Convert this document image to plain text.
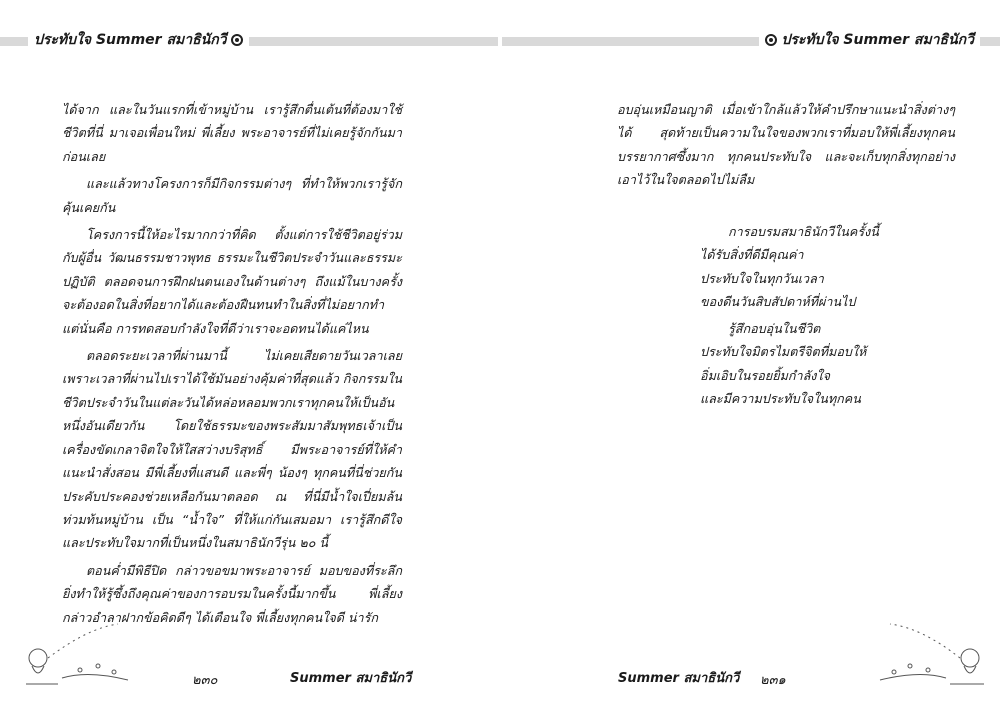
ประทับใจ Summer สมาธินักวี	ประทับใจ Summer สมาธินักวี

ได้จาก และในวันแรกที่เข้าหมู่บ้าน เรารู้สึกตื่นเต้นที่ต้องมาใช้ชีวิตที่นี่ มาเจอเพื่อนใหม่ พี่เลี้ยง พระอาจารย์ที่ไม่เคยรู้จักกันมาก่อนเลย

และแล้วทางโครงการก็มีกิจกรรมต่างๆ ที่ทำให้พวกเรารู้จักคุ้นเคยกัน

โครงการนี้ให้อะไรมากกว่าที่คิด ตั้งแต่การใช้ชีวิตอยู่ร่วมกับผู้อื่น วัฒนธรรมชาวพุทธ ธรรมะในชีวิตประจำวันและธรรมะปฏิบัติ ตลอดจนการฝึกฝนตนเองในด้านต่างๆ ถึงแม้ในบางครั้ง จะต้องอดในสิ่งที่อยากได้และต้องฝืนทนทำในสิ่งที่ไม่อยากทำ แต่นั่นคือ การทดสอบกำลังใจที่ดีว่าเราจะอดทนได้แค่ไหน

ตลอดระยะเวลาที่ผ่านมานี้ ไม่เคยเสียดายวันเวลาเลย เพราะเวลาที่ผ่านไปเราได้ใช้มันอย่างคุ้มค่าที่สุดแล้ว กิจกรรมในชีวิตประจำวันในแต่ละวันได้หล่อหลอมพวกเราทุกคนให้เป็นอันหนึ่งอันเดียวกัน โดยใช้ธรรมะของพระสัมมาสัมพุทธเจ้าเป็นเครื่องขัดเกลาจิตใจให้ใสสว่างบริสุทธิ์ มีพระอาจารย์ที่ให้คำแนะนำสั่งสอน มีพี่เลี้ยงที่แสนดี และพี่ๆ น้องๆ ทุกคนที่นี่ช่วยกันประคับประคองช่วยเหลือกันมาตลอด ณ ที่นี่มีน้ำใจเปี่ยมล้น ท่วมท้นหมู่บ้าน เป็น “น้ำใจ” ที่ให้แก่กันเสมอมา เรารู้สึกดีใจและประทับใจมากที่เป็นหนึ่งในสมาธินักวีรุ่น ๒๐ นี้

ตอนค่ำมีพิธีปิด กล่าวขอขมาพระอาจารย์ มอบของที่ระลึก ยิ่งทำให้รู้ซึ้งถึงคุณค่าของการอบรมในครั้งนี้มากขึ้น พี่เลี้ยงกล่าวอำลาฝากข้อคิดดีๆ ได้เตือนใจ พี่เลี้ยงทุกคนใจดี น่ารัก

อบอุ่นเหมือนญาติ เมื่อเข้าใกล้แล้วให้คำปรึกษาแนะนำสิ่งต่างๆ ได้ สุดท้ายเป็นความในใจของพวกเราที่มอบให้พี่เลี้ยงทุกคน บรรยากาศซึ้งมาก ทุกคนประทับใจ และจะเก็บทุกสิ่งทุกอย่างเอาไว้ในใจตลอดไปไม่ลืม

การอบรมสมาธินักวีในครั้งนี้
ได้รับสิ่งที่ดีมีคุณค่า
ประทับใจในทุกวันเวลา
ของดีนวันสิบสัปดาห์ที่ผ่านไป
รู้สึกอบอุ่นในชีวิต
ประทับใจมิตรไมตรีจิตที่มอบให้
อิ่มเอิบในรอยยิ้มกำลังใจ
และมีความประทับใจในทุกคน
๒๓๐	Summer สมาธินักวี	Summer สมาธินักวี ๒๓๑
